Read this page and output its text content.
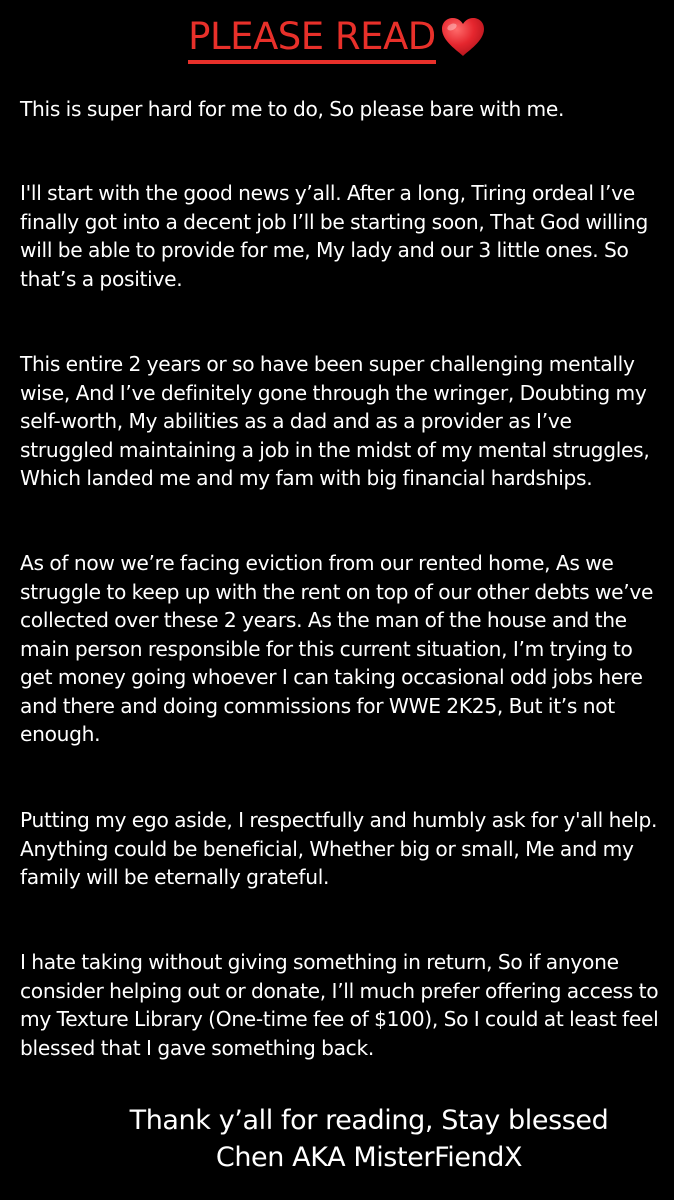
PLEASE READ

This is super hard for me to do, So please bare with me.

I'll start with the good news y’all. After a long, Tiring ordeal I’ve finally got into a decent job I’ll be starting soon, That God willing will be able to provide for me, My lady and our 3 little ones. So that’s a positive.

This entire 2 years or so have been super challenging mentally wise, And I’ve definitely gone through the wringer, Doubting my self-worth, My abilities as a dad and as a provider as I’ve struggled maintaining a job in the midst of my mental struggles, Which landed me and my fam with big financial hardships.

As of now we’re facing eviction from our rented home, As we struggle to keep up with the rent on top of our other debts we’ve collected over these 2 years. As the man of the house and the main person responsible for this current situation, I’m trying to get money going whoever I can taking occasional odd jobs here and there and doing commissions for WWE 2K25, But it’s not enough.

Putting my ego aside, I respectfully and humbly ask for y'all help. Anything could be beneficial, Whether big or small, Me and my family will be eternally grateful.

I hate taking without giving something in return, So if anyone consider helping out or donate, I’ll much prefer offering access to my Texture Library (One-time fee of $100), So I could at least feel blessed that I gave something back.

Thank y’all for reading, Stay blessed
Chen AKA MisterFiendX
